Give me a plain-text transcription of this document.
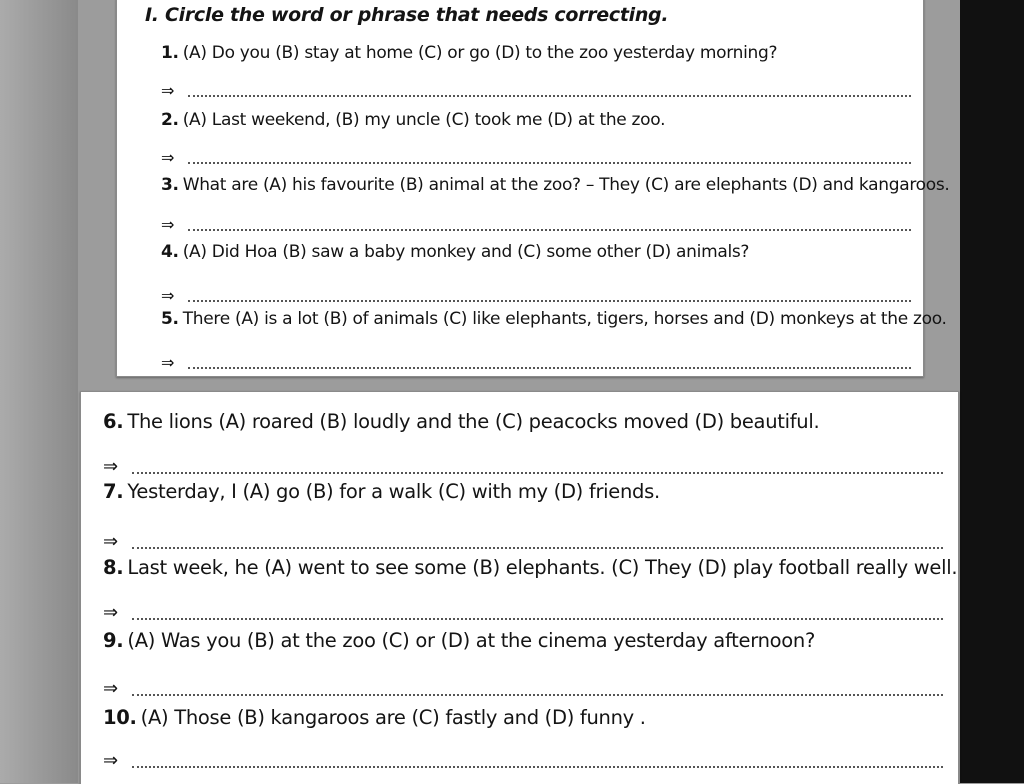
I. Circle the word or phrase that needs correcting.
1. (A) Do you (B) stay at home (C) or go (D) to the zoo yesterday morning?
⇒
2. (A) Last weekend, (B) my uncle (C) took me (D) at the zoo.
⇒
3. What are (A) his favourite (B) animal at the zoo? – They (C) are elephants (D) and kangaroos.
⇒
4. (A) Did Hoa (B) saw a baby monkey and (C) some other (D) animals?
⇒
5. There (A) is a lot (B) of animals (C) like elephants, tigers, horses and (D) monkeys at the zoo.
⇒
6. The lions (A) roared (B) loudly and the (C) peacocks moved (D) beautiful.
⇒
7. Yesterday, I (A) go (B) for a walk (C) with my (D) friends.
⇒
8. Last week, he (A) went to see some (B) elephants. (C) They (D) play football really well.
⇒
9. (A) Was you (B) at the zoo (C) or (D) at the cinema yesterday afternoon?
⇒
10. (A) Those (B) kangaroos are (C) fastly and (D) funny .
⇒
